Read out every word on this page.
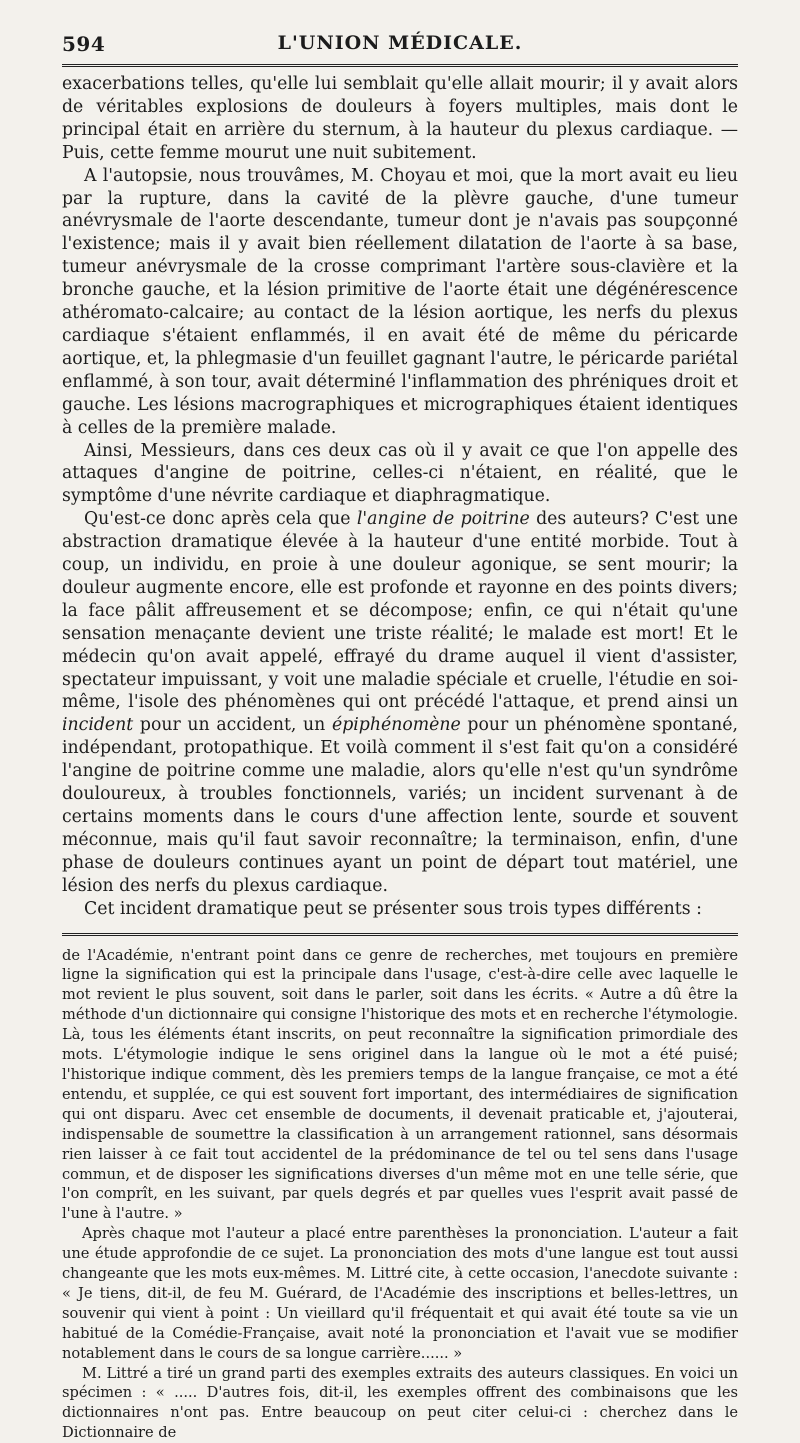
594	L'UNION MÉDICALE.

exacerbations telles, qu'elle lui semblait qu'elle allait mourir; il y avait alors de véritables explosions de douleurs à foyers multiples, mais dont le principal était en arrière du sternum, à la hauteur du plexus cardiaque. —Puis, cette femme mourut une nuit subitement.

A l'autopsie, nous trouvâmes, M. Choyau et moi, que la mort avait eu lieu par la rupture, dans la cavité de la plèvre gauche, d'une tumeur anévrysmale de l'aorte descendante, tumeur dont je n'avais pas soupçonné l'existence; mais il y avait bien réellement dilatation de l'aorte à sa base, tumeur anévrysmale de la crosse comprimant l'artère sous-clavière et la bronche gauche, et la lésion primitive de l'aorte était une dégénérescence athéromato-calcaire; au contact de la lésion aortique, les nerfs du plexus cardiaque s'étaient enflammés, il en avait été de même du péricarde aortique, et, la phlegmasie d'un feuillet gagnant l'autre, le péricarde pariétal enflammé, à son tour, avait déterminé l'inflammation des phréniques droit et gauche. Les lésions macrographiques et micrographiques étaient identiques à celles de la première malade.

Ainsi, Messieurs, dans ces deux cas où il y avait ce que l'on appelle des attaques d'angine de poitrine, celles-ci n'étaient, en réalité, que le symptôme d'une névrite cardiaque et diaphragmatique.

Qu'est-ce donc après cela que l'angine de poitrine des auteurs? C'est une abstraction dramatique élevée à la hauteur d'une entité morbide. Tout à coup, un individu, en proie à une douleur agonique, se sent mourir; la douleur augmente encore, elle est profonde et rayonne en des points divers; la face pâlit affreusement et se décompose; enfin, ce qui n'était qu'une sensation menaçante devient une triste réalité; le malade est mort! Et le médecin qu'on avait appelé, effrayé du drame auquel il vient d'assister, spectateur impuissant, y voit une maladie spéciale et cruelle, l'étudie en soi-même, l'isole des phénomènes qui ont précédé l'attaque, et prend ainsi un incident pour un accident, un épiphénomène pour un phénomène spontané, indépendant, protopathique. Et voilà comment il s'est fait qu'on a considéré l'angine de poitrine comme une maladie, alors qu'elle n'est qu'un syndrôme douloureux, à troubles fonctionnels, variés; un incident survenant à de certains moments dans le cours d'une affection lente, sourde et souvent méconnue, mais qu'il faut savoir reconnaître; la terminaison, enfin, d'une phase de douleurs continues ayant un point de départ tout matériel, une lésion des nerfs du plexus cardiaque.

Cet incident dramatique peut se présenter sous trois types différents :

de l'Académie, n'entrant point dans ce genre de recherches, met toujours en première ligne la signification qui est la principale dans l'usage, c'est-à-dire celle avec laquelle le mot revient le plus souvent, soit dans le parler, soit dans les écrits. « Autre a dû être la méthode d'un dictionnaire qui consigne l'historique des mots et en recherche l'étymologie. Là, tous les éléments étant inscrits, on peut reconnaître la signification primordiale des mots. L'étymologie indique le sens originel dans la langue où le mot a été puisé; l'historique indique comment, dès les premiers temps de la langue française, ce mot a été entendu, et supplée, ce qui est souvent fort important, des intermédiaires de signification qui ont disparu. Avec cet ensemble de documents, il devenait praticable et, j'ajouterai, indispensable de soumettre la classification à un arrangement rationnel, sans désormais rien laisser à ce fait tout accidentel de la prédominance de tel ou tel sens dans l'usage commun, et de disposer les significations diverses d'un même mot en une telle série, que l'on comprît, en les suivant, par quels degrés et par quelles vues l'esprit avait passé de l'une à l'autre. »

Après chaque mot l'auteur a placé entre parenthèses la prononciation. L'auteur a fait une étude approfondie de ce sujet. La prononciation des mots d'une langue est tout aussi changeante que les mots eux-mêmes. M. Littré cite, à cette occasion, l'anecdote suivante : « Je tiens, dit-il, de feu M. Guérard, de l'Académie des inscriptions et belles-lettres, un souvenir qui vient à point : Un vieillard qu'il fréquentait et qui avait été toute sa vie un habitué de la Comédie-Française, avait noté la prononciation et l'avait vue se modifier notablement dans le cours de sa longue carrière...... »

M. Littré a tiré un grand parti des exemples extraits des auteurs classiques. En voici un spécimen : « ..... D'autres fois, dit-il, les exemples offrent des combinaisons que les dictionnaires n'ont pas. Entre beaucoup on peut citer celui-ci : cherchez dans le Dictionnaire de
